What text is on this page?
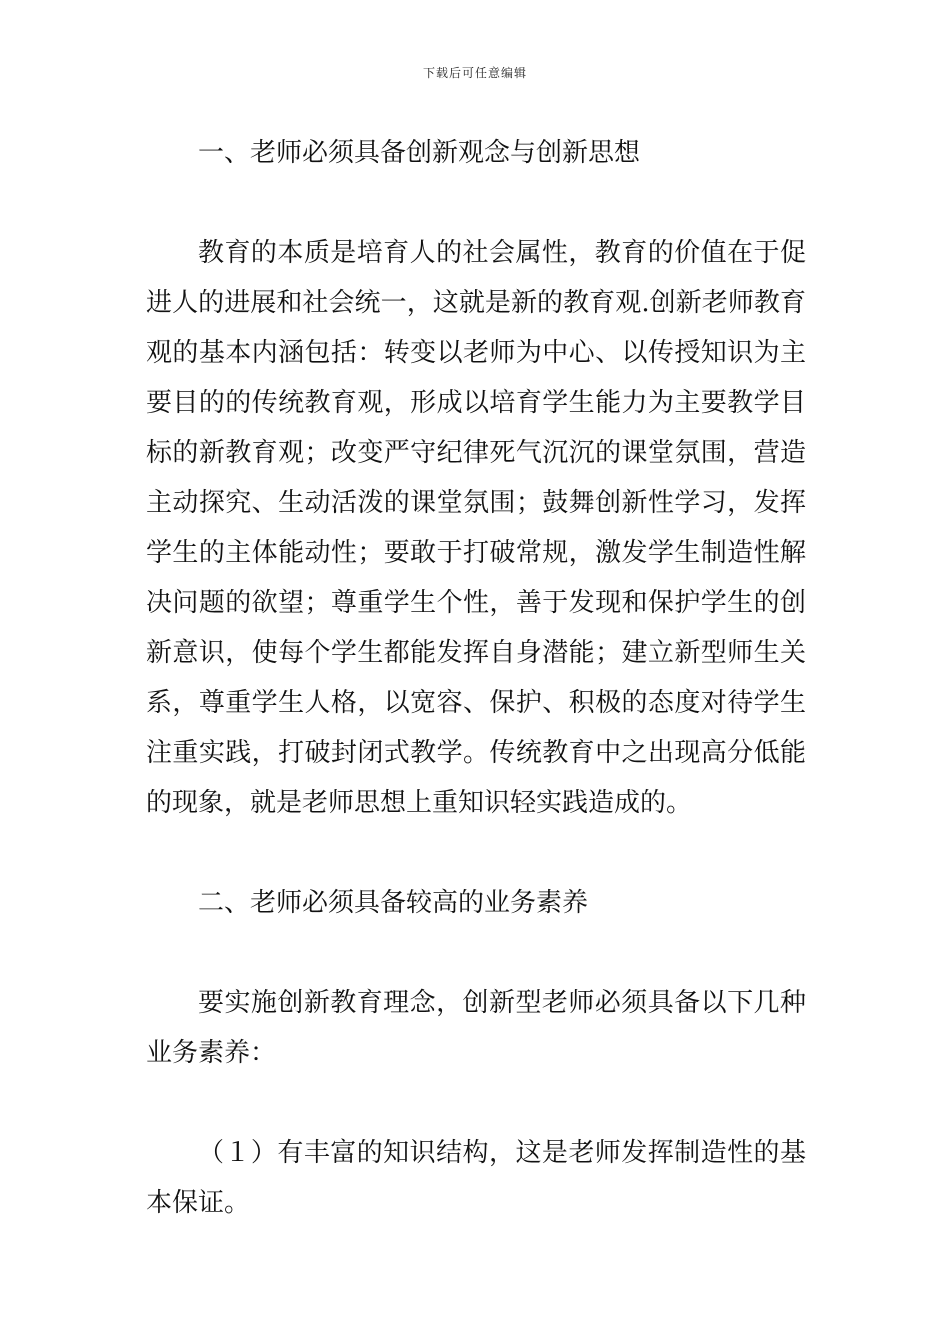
下载后可任意编辑

一、老师必须具备创新观念与创新思想

教育的本质是培育人的社会属性，教育的价值在于促进人的进展和社会统一，这就是新的教育观.创新老师教育观的基本内涵包括：转变以老师为中心、以传授知识为主要目的的传统教育观，形成以培育学生能力为主要教学目标的新教育观；改变严守纪律死气沉沉的课堂氛围，营造主动探究、生动活泼的课堂氛围；鼓舞创新性学习，发挥学生的主体能动性；要敢于打破常规，激发学生制造性解决问题的欲望；尊重学生个性，善于发现和保护学生的创新意识，使每个学生都能发挥自身潜能；建立新型师生关系，尊重学生人格，以宽容、保护、积极的态度对待学生注重实践，打破封闭式教学。传统教育中之出现高分低能的现象，就是老师思想上重知识轻实践造成的。

二、老师必须具备较高的业务素养

要实施创新教育理念，创新型老师必须具备以下几种业务素养：

（１）有丰富的知识结构，这是老师发挥制造性的基本保证。
